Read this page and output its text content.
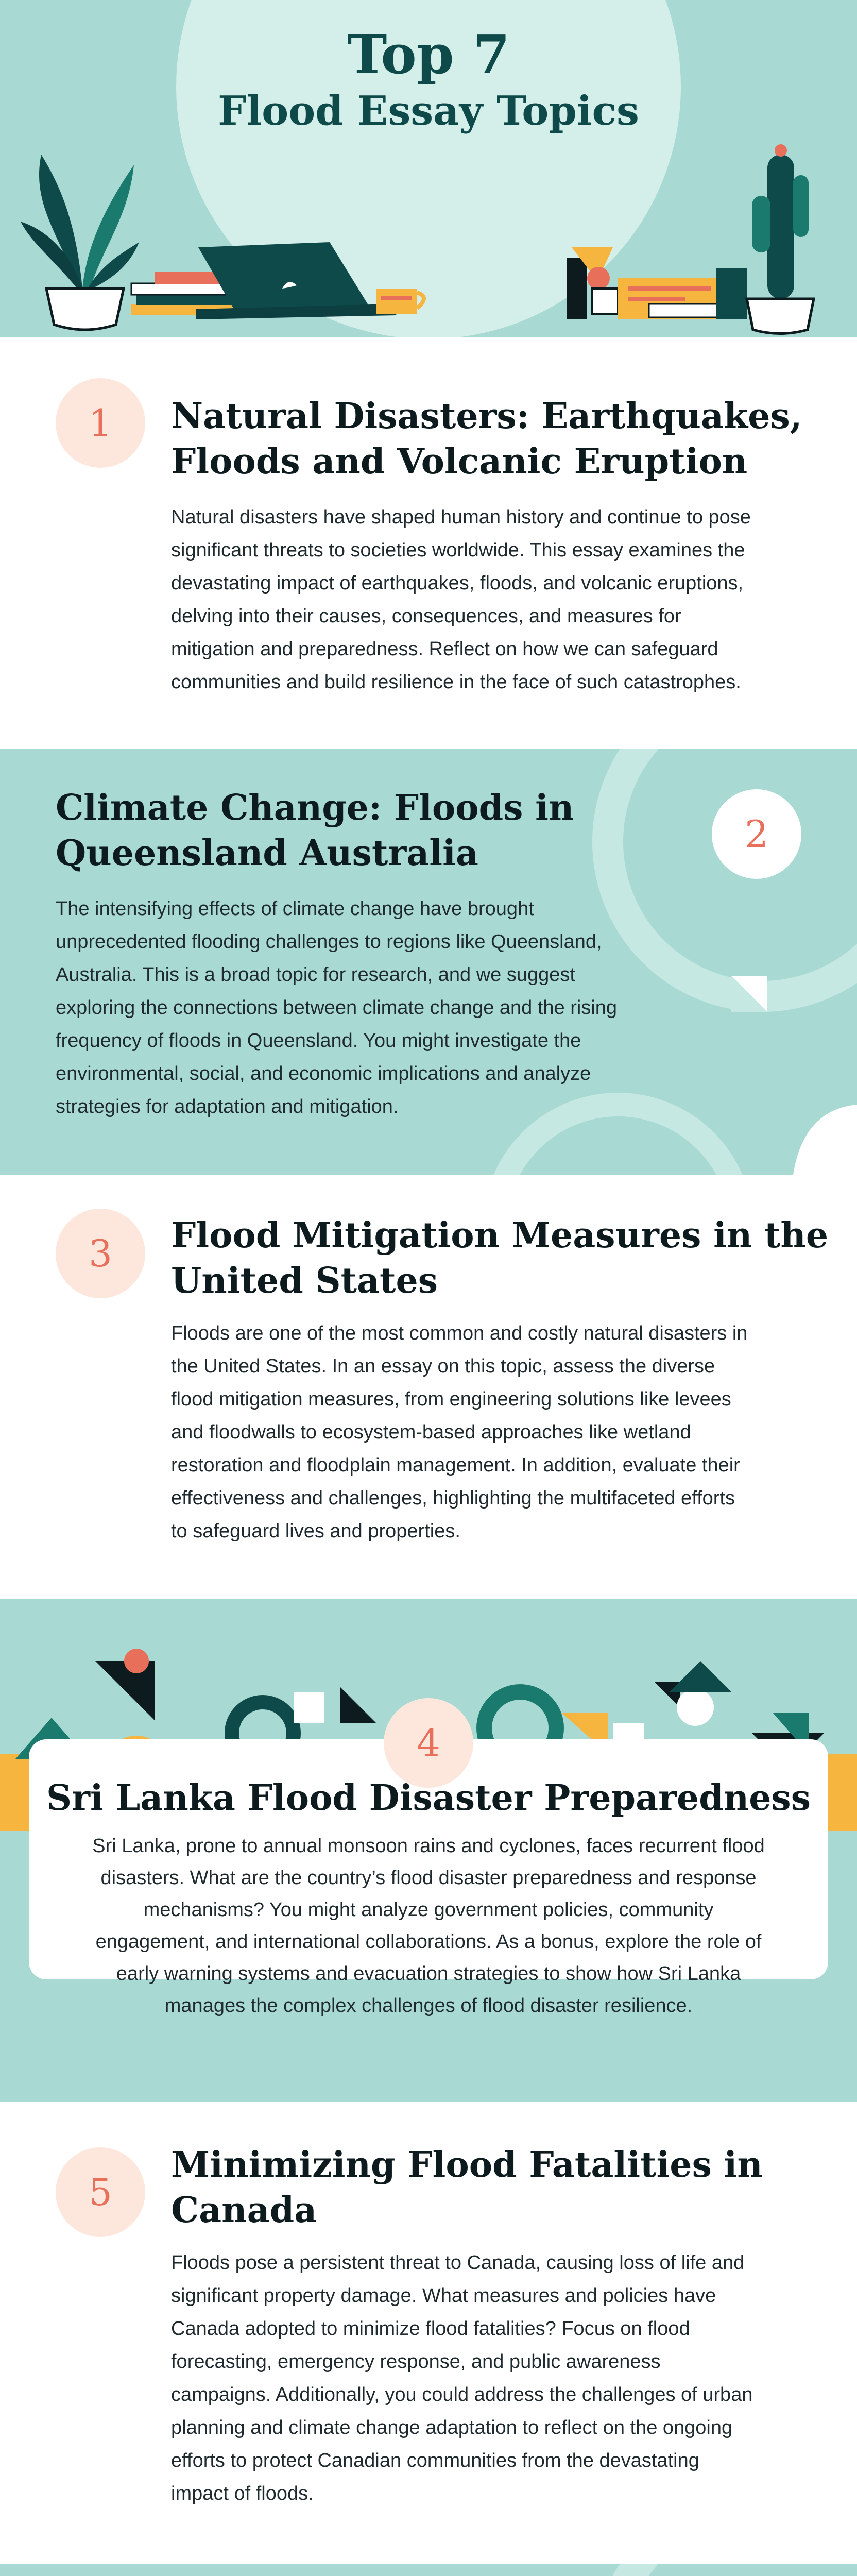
Top 7
Flood Essay Topics
1	Natural Disasters: Earthquakes,
Floods and Volcanic Eruption
Natural disasters have shaped human history and continue to pose
significant threats to societies worldwide. This essay examines the
devastating impact of earthquakes, floods, and volcanic eruptions,
delving into their causes, consequences, and measures for
mitigation and preparedness. Reflect on how we can safeguard
communities and build resilience in the face of such catastrophes.
2
Climate Change: Floods in
Queensland Australia
The intensifying effects of climate change have brought
unprecedented flooding challenges to regions like Queensland,
Australia. This is a broad topic for research, and we suggest
exploring the connections between climate change and the rising
frequency of floods in Queensland. You might investigate the
environmental, social, and economic implications and analyze
strategies for adaptation and mitigation.
3	Flood Mitigation Measures in the
United States
Floods are one of the most common and costly natural disasters in
the United States. In an essay on this topic, assess the diverse
flood mitigation measures, from engineering solutions like levees
and floodwalls to ecosystem-based approaches like wetland
restoration and floodplain management. In addition, evaluate their
effectiveness and challenges, highlighting the multifaceted efforts
to safeguard lives and properties.
4
Sri Lanka Flood Disaster Preparedness
Sri Lanka, prone to annual monsoon rains and cyclones, faces recurrent flood
disasters. What are the country’s flood disaster preparedness and response
mechanisms? You might analyze government policies, community
engagement, and international collaborations. As a bonus, explore the role of
early warning systems and evacuation strategies to show how Sri Lanka
manages the complex challenges of flood disaster resilience.
5
Minimizing Flood Fatalities in
Canada
Floods pose a persistent threat to Canada, causing loss of life and
significant property damage. What measures and policies have
Canada adopted to minimize flood fatalities? Focus on flood
forecasting, emergency response, and public awareness
campaigns. Additionally, you could address the challenges of urban
planning and climate change adaptation to reflect on the ongoing
efforts to protect Canadian communities from the devastating
impact of floods.
